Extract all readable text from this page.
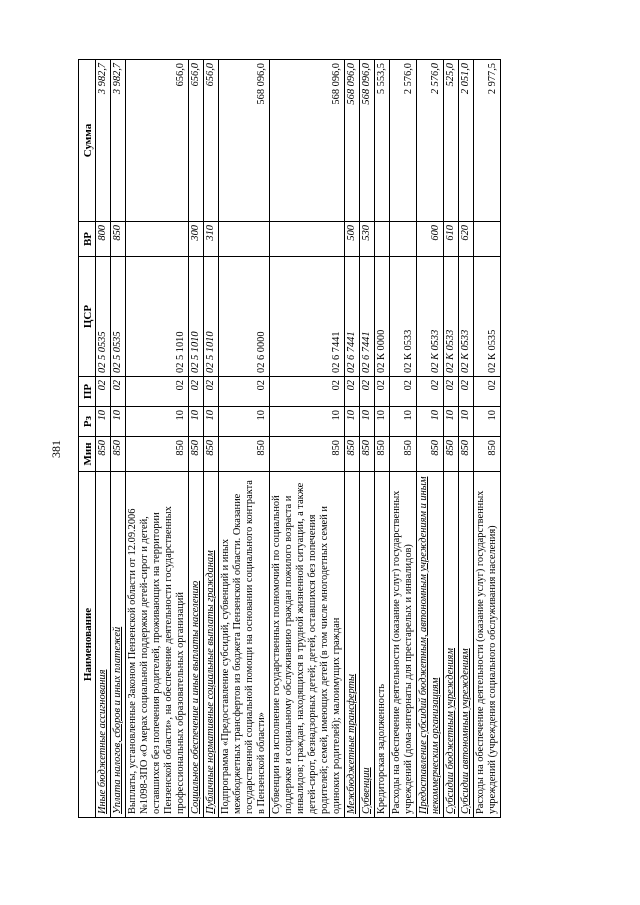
381
Наименование	Мин	Рз	ПР	ЦСР	ВР	Сумма
Иные бюджетные ассигнования	850	10	02	02 5 0535	800	3 982,7
Уплата налогов, сборов и иных платежей	850	10	02	02 5 0535	850	3 982,7
Выплаты, установленные Законом Пензенской области от 12.09.2006 №1098-ЗПО «О мерах социальной поддержки детей-сирот и детей, оставшихся без попечения родителей, проживающих на территории Пензенской области», на обеспечение деятельности государственных профессиональных образовательных организаций	850	10	02	02 5 1010		656,0
Социальное обеспечение и иные выплаты населению	850	10	02	02 5 1010	300	656,0
Публичные нормативные социальные выплаты гражданам	850	10	02	02 5 1010	310	656,0
Подпрограмма «Предоставление субсидий, субвенций и иных межбюджетных трансфертов из бюджета Пензенской области. Оказание государственной социальной помощи на основании социального контракта в Пензенской области»	850	10	02	02 6 0000		568 096,0
Субвенции на исполнение государственных полномочий по социальной поддержке и социальному обслуживанию граждан пожилого возраста и инвалидов; граждан, находящихся в трудной жизненной ситуации, а также детей-сирот, безнадзорных детей; детей, оставшихся без попечения родителей; семей, имеющих детей (в том числе многодетных семей и одиноких родителей); малоимущих граждан	850	10	02	02 6 7441		568 096,0
Межбюджетные трансферты	850	10	02	02 6 7441	500	568 096,0
Субвенции	850	10	02	02 6 7441	530	568 096,0
Кредиторская задолженность	850	10	02	02 К 0000		5 553,5
Расходы на обеспечение деятельности (оказание услуг) государственных учреждений (дома-интернаты для престарелых и инвалидов)	850	10	02	02 К 0533		2 576,0
Предоставление субсидий бюджетным, автономным учреждениям и иным некоммерческим организациям	850	10	02	02 К 0533	600	2 576,0
Субсидии бюджетным учреждениям	850	10	02	02 К 0533	610	525,0
Субсидии автономным учреждениям	850	10	02	02 К 0533	620	2 051,0
Расходы на обеспечение деятельности (оказание услуг) государственных учреждений (учреждения социального обслуживания населения)	850	10	02	02 К 0535		2 977,5
